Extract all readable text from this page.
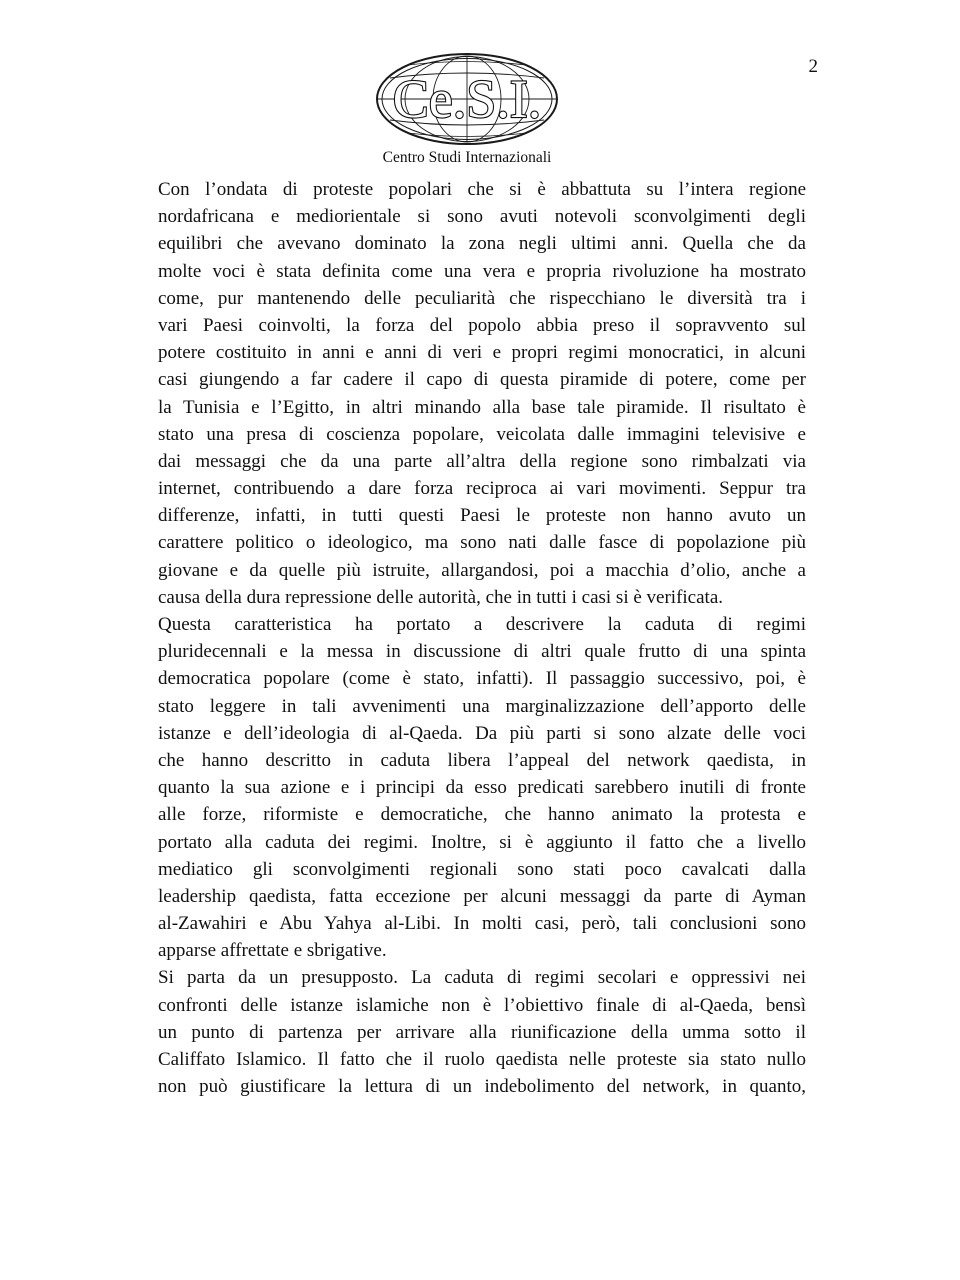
2
Ce.S.I.
Centro Studi Internazionali
Con l’ondata di proteste popolari che si è abbattuta su l’intera regione
nordafricana e mediorientale si sono avuti notevoli sconvolgimenti degli
equilibri che avevano dominato la zona negli ultimi anni. Quella che da
molte voci è stata definita come una vera e propria rivoluzione ha mostrato
come, pur mantenendo delle peculiarità che rispecchiano le diversità tra i
vari Paesi coinvolti, la forza del popolo abbia preso il sopravvento sul
potere costituito in anni e anni di veri e propri regimi monocratici, in alcuni
casi giungendo a far cadere il capo di questa piramide di potere, come per
la Tunisia e l’Egitto, in altri minando alla base tale piramide. Il risultato è
stato una presa di coscienza popolare, veicolata dalle immagini televisive e
dai messaggi che da una parte all’altra della regione sono rimbalzati via
internet, contribuendo a dare forza reciproca ai vari movimenti. Seppur tra
differenze, infatti, in tutti questi Paesi le proteste non hanno avuto un
carattere politico o ideologico, ma sono nati dalle fasce di popolazione più
giovane e da quelle più istruite, allargandosi, poi a macchia d’olio, anche a
causa della dura repressione delle autorità, che in tutti i casi si è verificata.
Questa caratteristica ha portato a descrivere la caduta di regimi
pluridecennali e la messa in discussione di altri quale frutto di una spinta
democratica popolare (come è stato, infatti). Il passaggio successivo, poi, è
stato leggere in tali avvenimenti una marginalizzazione dell’apporto delle
istanze e dell’ideologia di al-Qaeda. Da più parti si sono alzate delle voci
che hanno descritto in caduta libera l’appeal del network qaedista, in
quanto la sua azione e i principi da esso predicati sarebbero inutili di fronte
alle forze, riformiste e democratiche, che hanno animato la protesta e
portato alla caduta dei regimi. Inoltre, si è aggiunto il fatto che a livello
mediatico gli sconvolgimenti regionali sono stati poco cavalcati dalla
leadership qaedista, fatta eccezione per alcuni messaggi da parte di Ayman
al-Zawahiri e Abu Yahya al-Libi. In molti casi, però, tali conclusioni sono
apparse affrettate e sbrigative.
Si parta da un presupposto. La caduta di regimi secolari e oppressivi nei
confronti delle istanze islamiche non è l’obiettivo finale di al-Qaeda, bensì
un punto di partenza per arrivare alla riunificazione della umma sotto il
Califfato Islamico. Il fatto che il ruolo qaedista nelle proteste sia stato nullo
non può giustificare la lettura di un indebolimento del network, in quanto,
